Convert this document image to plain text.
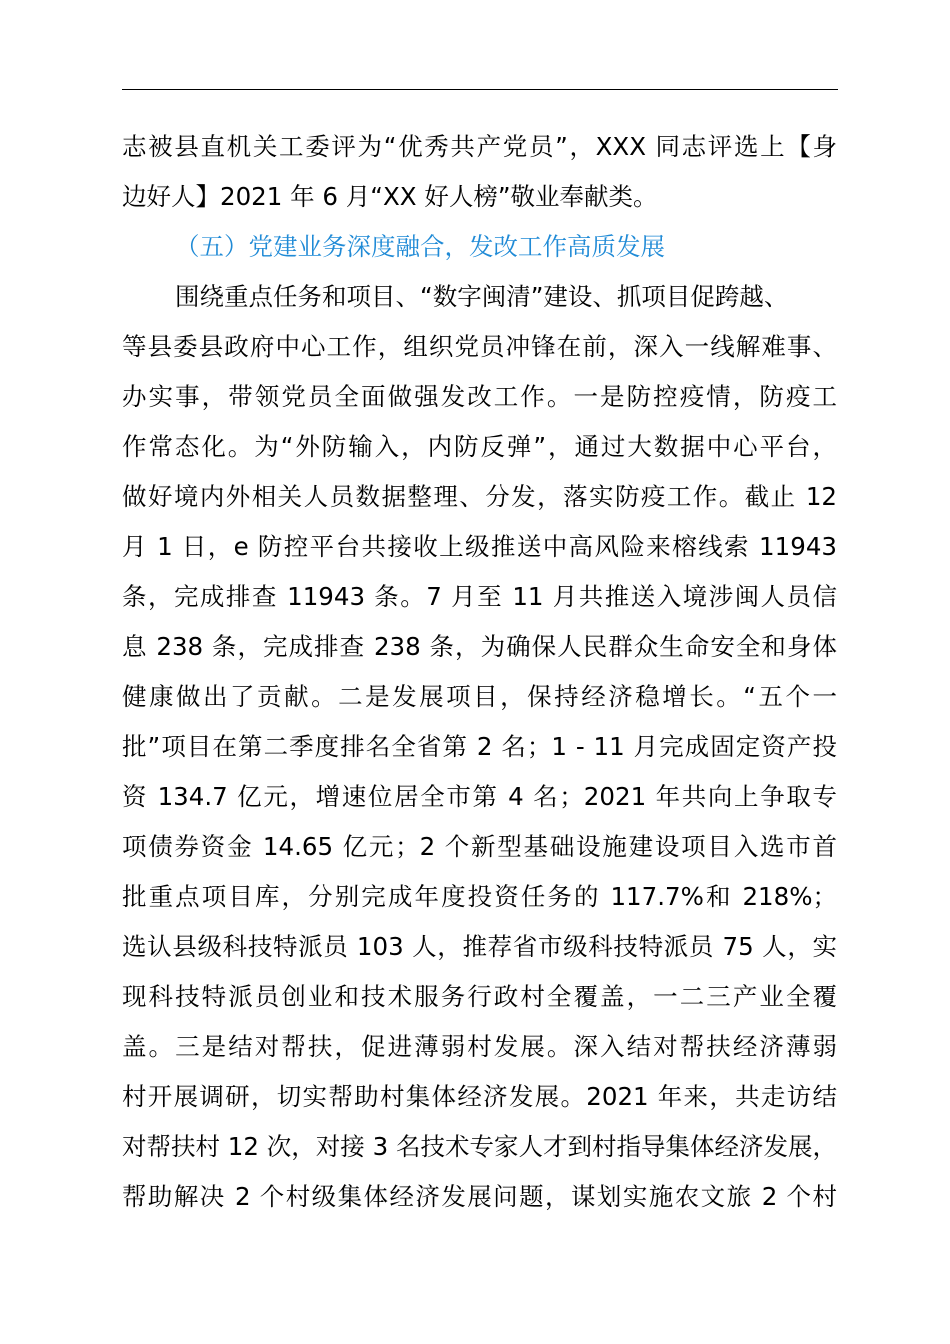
志被县直机关工委评为“优秀共产党员”，XXX 同志评选上【身
边好人】2021 年 6 月“XX 好人榜”敬业奉献类。
（五）党建业务深度融合，发改工作高质发展
围绕重点任务和项目、“数字闽清”建设、抓项目促跨越、
等县委县政府中心工作，组织党员冲锋在前，深入一线解难事、
办实事，带领党员全面做强发改工作。一是防控疫情，防疫工
作常态化。为“外防输入，内防反弹”，通过大数据中心平台，
做好境内外相关人员数据整理、分发，落实防疫工作。截止 12
月 1 日，e 防控平台共接收上级推送中高风险来榕线索 11943
条，完成排查 11943 条。7 月至 11 月共推送入境涉闽人员信
息 238 条，完成排查 238 条，为确保人民群众生命安全和身体
健康做出了贡献。二是发展项目，保持经济稳增长。“五个一
批”项目在第二季度排名全省第 2 名；1 - 11 月完成固定资产投
资 134.7 亿元，增速位居全市第 4 名；2021 年共向上争取专
项债券资金 14.65 亿元；2 个新型基础设施建设项目入选市首
批重点项目库，分别完成年度投资任务的 117.7%和 218%；
选认县级科技特派员 103 人，推荐省市级科技特派员 75 人，实
现科技特派员创业和技术服务行政村全覆盖，一二三产业全覆
盖。三是结对帮扶，促进薄弱村发展。深入结对帮扶经济薄弱
村开展调研，切实帮助村集体经济发展。2021 年来，共走访结
对帮扶村 12 次，对接 3 名技术专家人才到村指导集体经济发展，
帮助解决 2 个村级集体经济发展问题，谋划实施农文旅 2 个村
